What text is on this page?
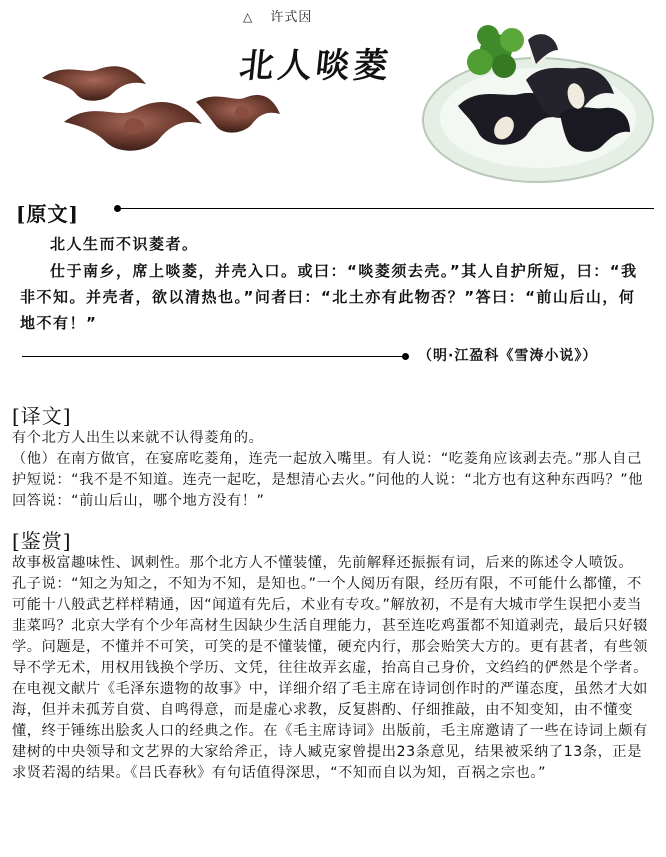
△ 许式因
北人啖菱
[原文]

北人生而不识菱者。

仕于南乡，席上啖菱，并壳入口。或曰：“啖菱须去壳。”其人自护所短，曰：“我非不知。并壳者，欲以清热也。”问者曰：“北土亦有此物否？”答曰：“前山后山，何地不有！”

（明·江盈科《雪涛小说》）
[译文]

有个北方人出生以来就不认得菱角的。

（他）在南方做官，在宴席吃菱角，连壳一起放入嘴里。有人说：“吃菱角应该剥去壳。”那人自己护短说：“我不是不知道。连壳一起吃，是想清心去火。”问他的人说：“北方也有这种东西吗？”他回答说：“前山后山，哪个地方没有！”

[鉴赏]

故事极富趣味性、讽刺性。那个北方人不懂装懂，先前解释还振振有词，后来的陈述令人喷饭。

孔子说：“知之为知之，不知为不知，是知也。”一个人阅历有限，经历有限，不可能什么都懂，不可能十八般武艺样样精通，因“闻道有先后，术业有专攻。”解放初，不是有大城市学生误把小麦当韭菜吗？北京大学有个少年高材生因缺少生活自理能力，甚至连吃鸡蛋都不知道剥壳，最后只好辍学。问题是，不懂并不可笑，可笑的是不懂装懂，硬充内行，那会贻笑大方的。更有甚者，有些领导不学无术，用权用钱换个学历、文凭，往往故弄玄虚，抬高自己身价，文绉绉的俨然是个学者。在电视文献片《毛泽东遗物的故事》中，详细介绍了毛主席在诗词创作时的严谨态度，虽然才大如海，但并未孤芳自赏、自鸣得意，而是虚心求教，反复斟酌、仔细推敲，由不知变知，由不懂变懂，终于锤练出脍炙人口的经典之作。在《毛主席诗词》出版前，毛主席邀请了一些在诗词上颇有建树的中央领导和文艺界的大家给斧正，诗人臧克家曾提出23条意见，结果被采纳了13条，正是求贤若渴的结果。《吕氏春秋》有句话值得深思，“不知而自以为知，百祸之宗也。”
